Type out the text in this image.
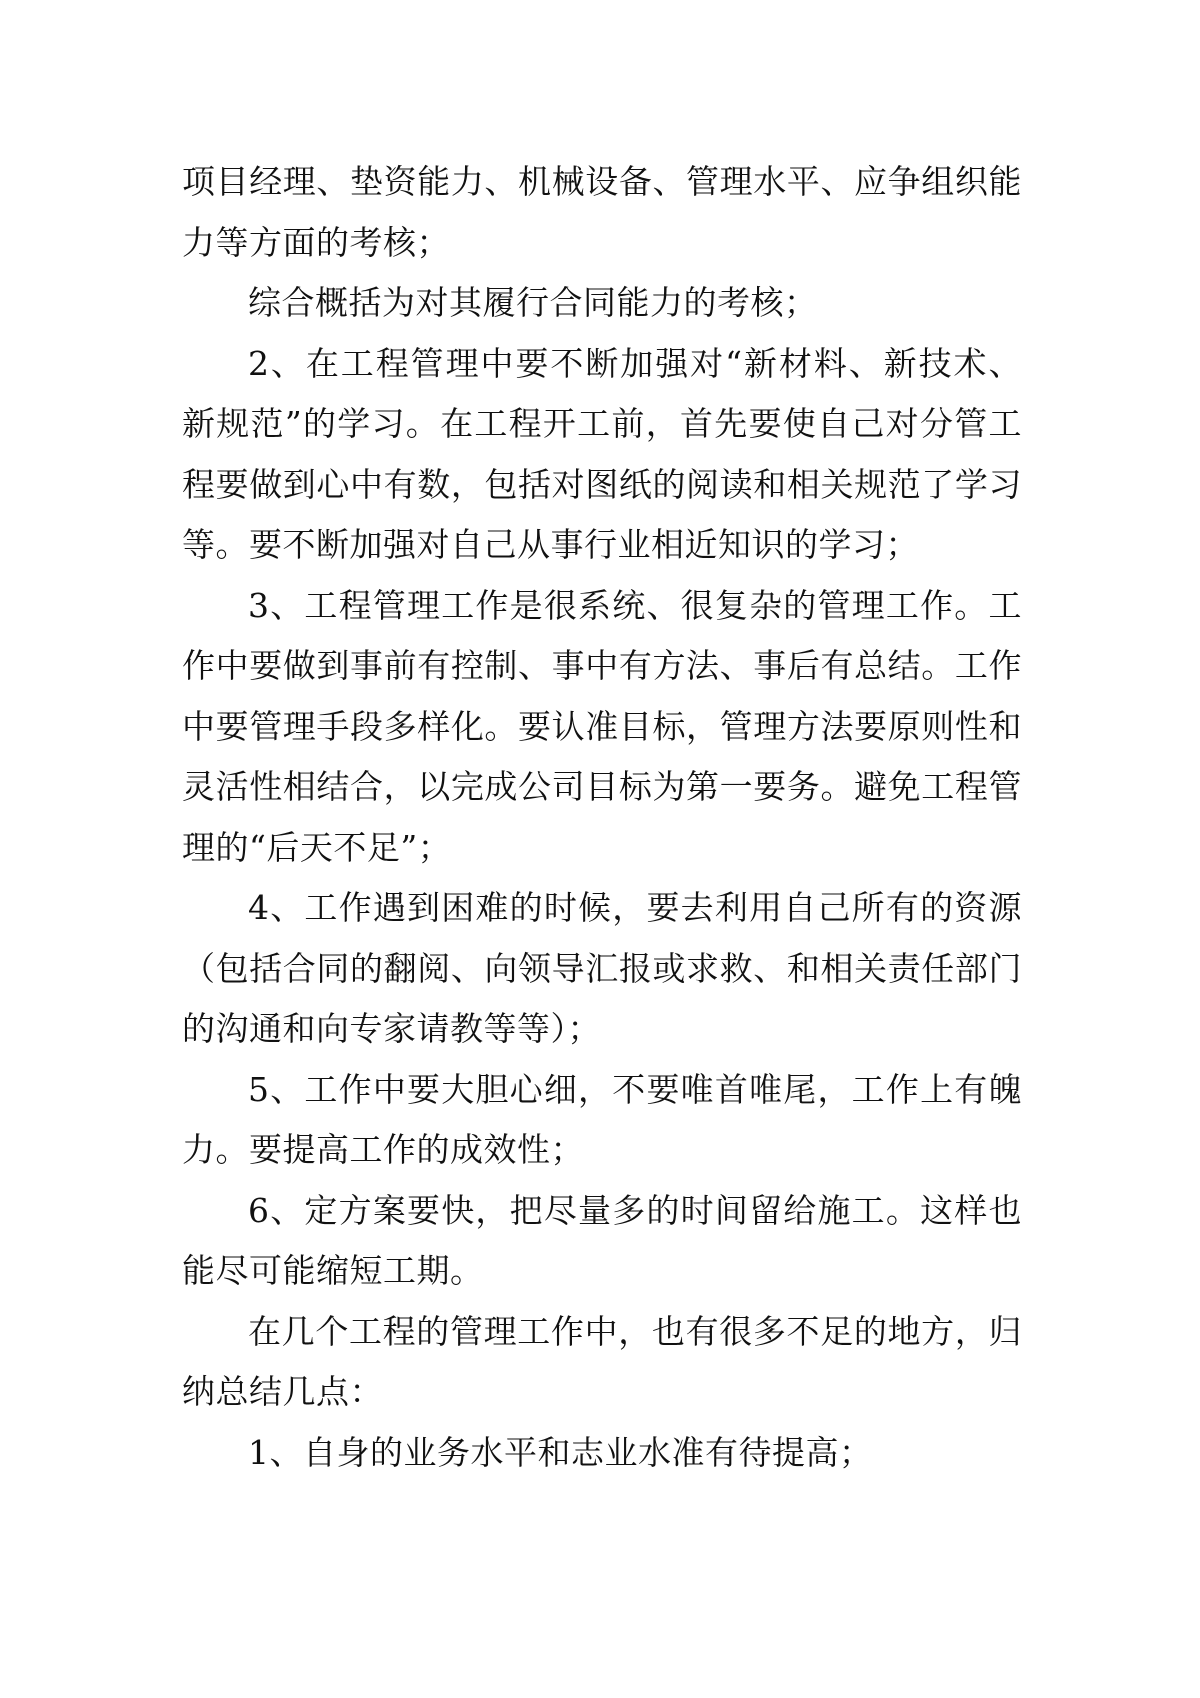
项目经理、垫资能力、机械设备、管理水平、应争组织能力等方面的考核；

综合概括为对其履行合同能力的考核；

2、在工程管理中要不断加强对“新材料、新技术、新规范”的学习。在工程开工前，首先要使自己对分管工程要做到心中有数，包括对图纸的阅读和相关规范了学习等。要不断加强对自己从事行业相近知识的学习；

3、工程管理工作是很系统、很复杂的管理工作。工作中要做到事前有控制、事中有方法、事后有总结。工作中要管理手段多样化。要认准目标，管理方法要原则性和灵活性相结合，以完成公司目标为第一要务。避免工程管理的“后天不足”；

4、工作遇到困难的时候，要去利用自己所有的资源（包括合同的翻阅、向领导汇报或求救、和相关责任部门的沟通和向专家请教等等）；

5、工作中要大胆心细，不要唯首唯尾，工作上有魄力。要提高工作的成效性；

6、定方案要快，把尽量多的时间留给施工。这样也能尽可能缩短工期。

在几个工程的管理工作中，也有很多不足的地方，归纳总结几点：

1、自身的业务水平和志业水准有待提高；
